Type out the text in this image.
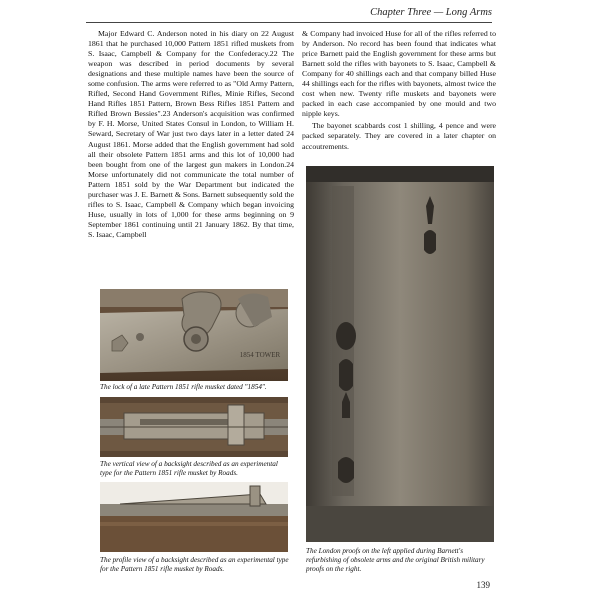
Chapter Three — Long Arms

Major Edward C. Anderson noted in his diary on 22 August 1861 that he purchased 10,000 Pattern 1851 rifled muskets from S. Isaac, Campbell & Company for the Confederacy.22 The weapon was described in period documents by several designations and these multiple names have been the source of some confusion. The arms were referred to as "Old Army Pattern, Rifled, Second Hand Government Rifles, Minie Rifles, Second Hand Rifles 1851 Pattern, Brown Bess Rifles 1851 Pattern and Rifled Brown Bessies".23 Anderson's acquisition was confirmed by F. H. Morse, United States Consul in London, to William H. Seward, Secretary of War just two days later in a letter dated 24 August 1861. Morse added that the English government had sold all their obsolete Pattern 1851 arms and this lot of 10,000 had been bought from one of the largest gun makers in London.24 Morse unfortunately did not communicate the total number of Pattern 1851 sold by the War Department but indicated the purchaser was J. E. Barnett & Sons. Barnett subsequently sold the rifles to S. Isaac, Campbell & Company which began invoicing Huse, usually in lots of 1,000 for these arms beginning on 9 September 1861 continuing until 21 January 1862. By that time, S. Isaac, Campbell

& Company had invoiced Huse for all of the rifles referred to by Anderson. No record has been found that indicates what price Barnett paid the English government for these arms but Barnett sold the rifles with bayonets to S. Isaac, Campbell & Company for 40 shillings each and that company billed Huse 44 shillings each for the rifles with bayonets, almost twice the cost when new. Twenty rifle muskets and bayonets were packed in each case accompanied by one mould and two nipple keys.

The bayonet scabbards cost 1 shilling, 4 pence and were packed separately. They are covered in a later chapter on accoutrements.

1854 TOWER
The lock of a late Pattern 1851 rifle musket dated "1854".
The vertical view of a backsight described as an experimental type for the Pattern 1851 rifle musket by Roads.
The profile view of a backsight described as an experimental type for the Pattern 1851 rifle musket by Roads.
The London proofs on the left applied during Barnett's refurbishing of obsolete arms and the original British military proofs on the right.
139
